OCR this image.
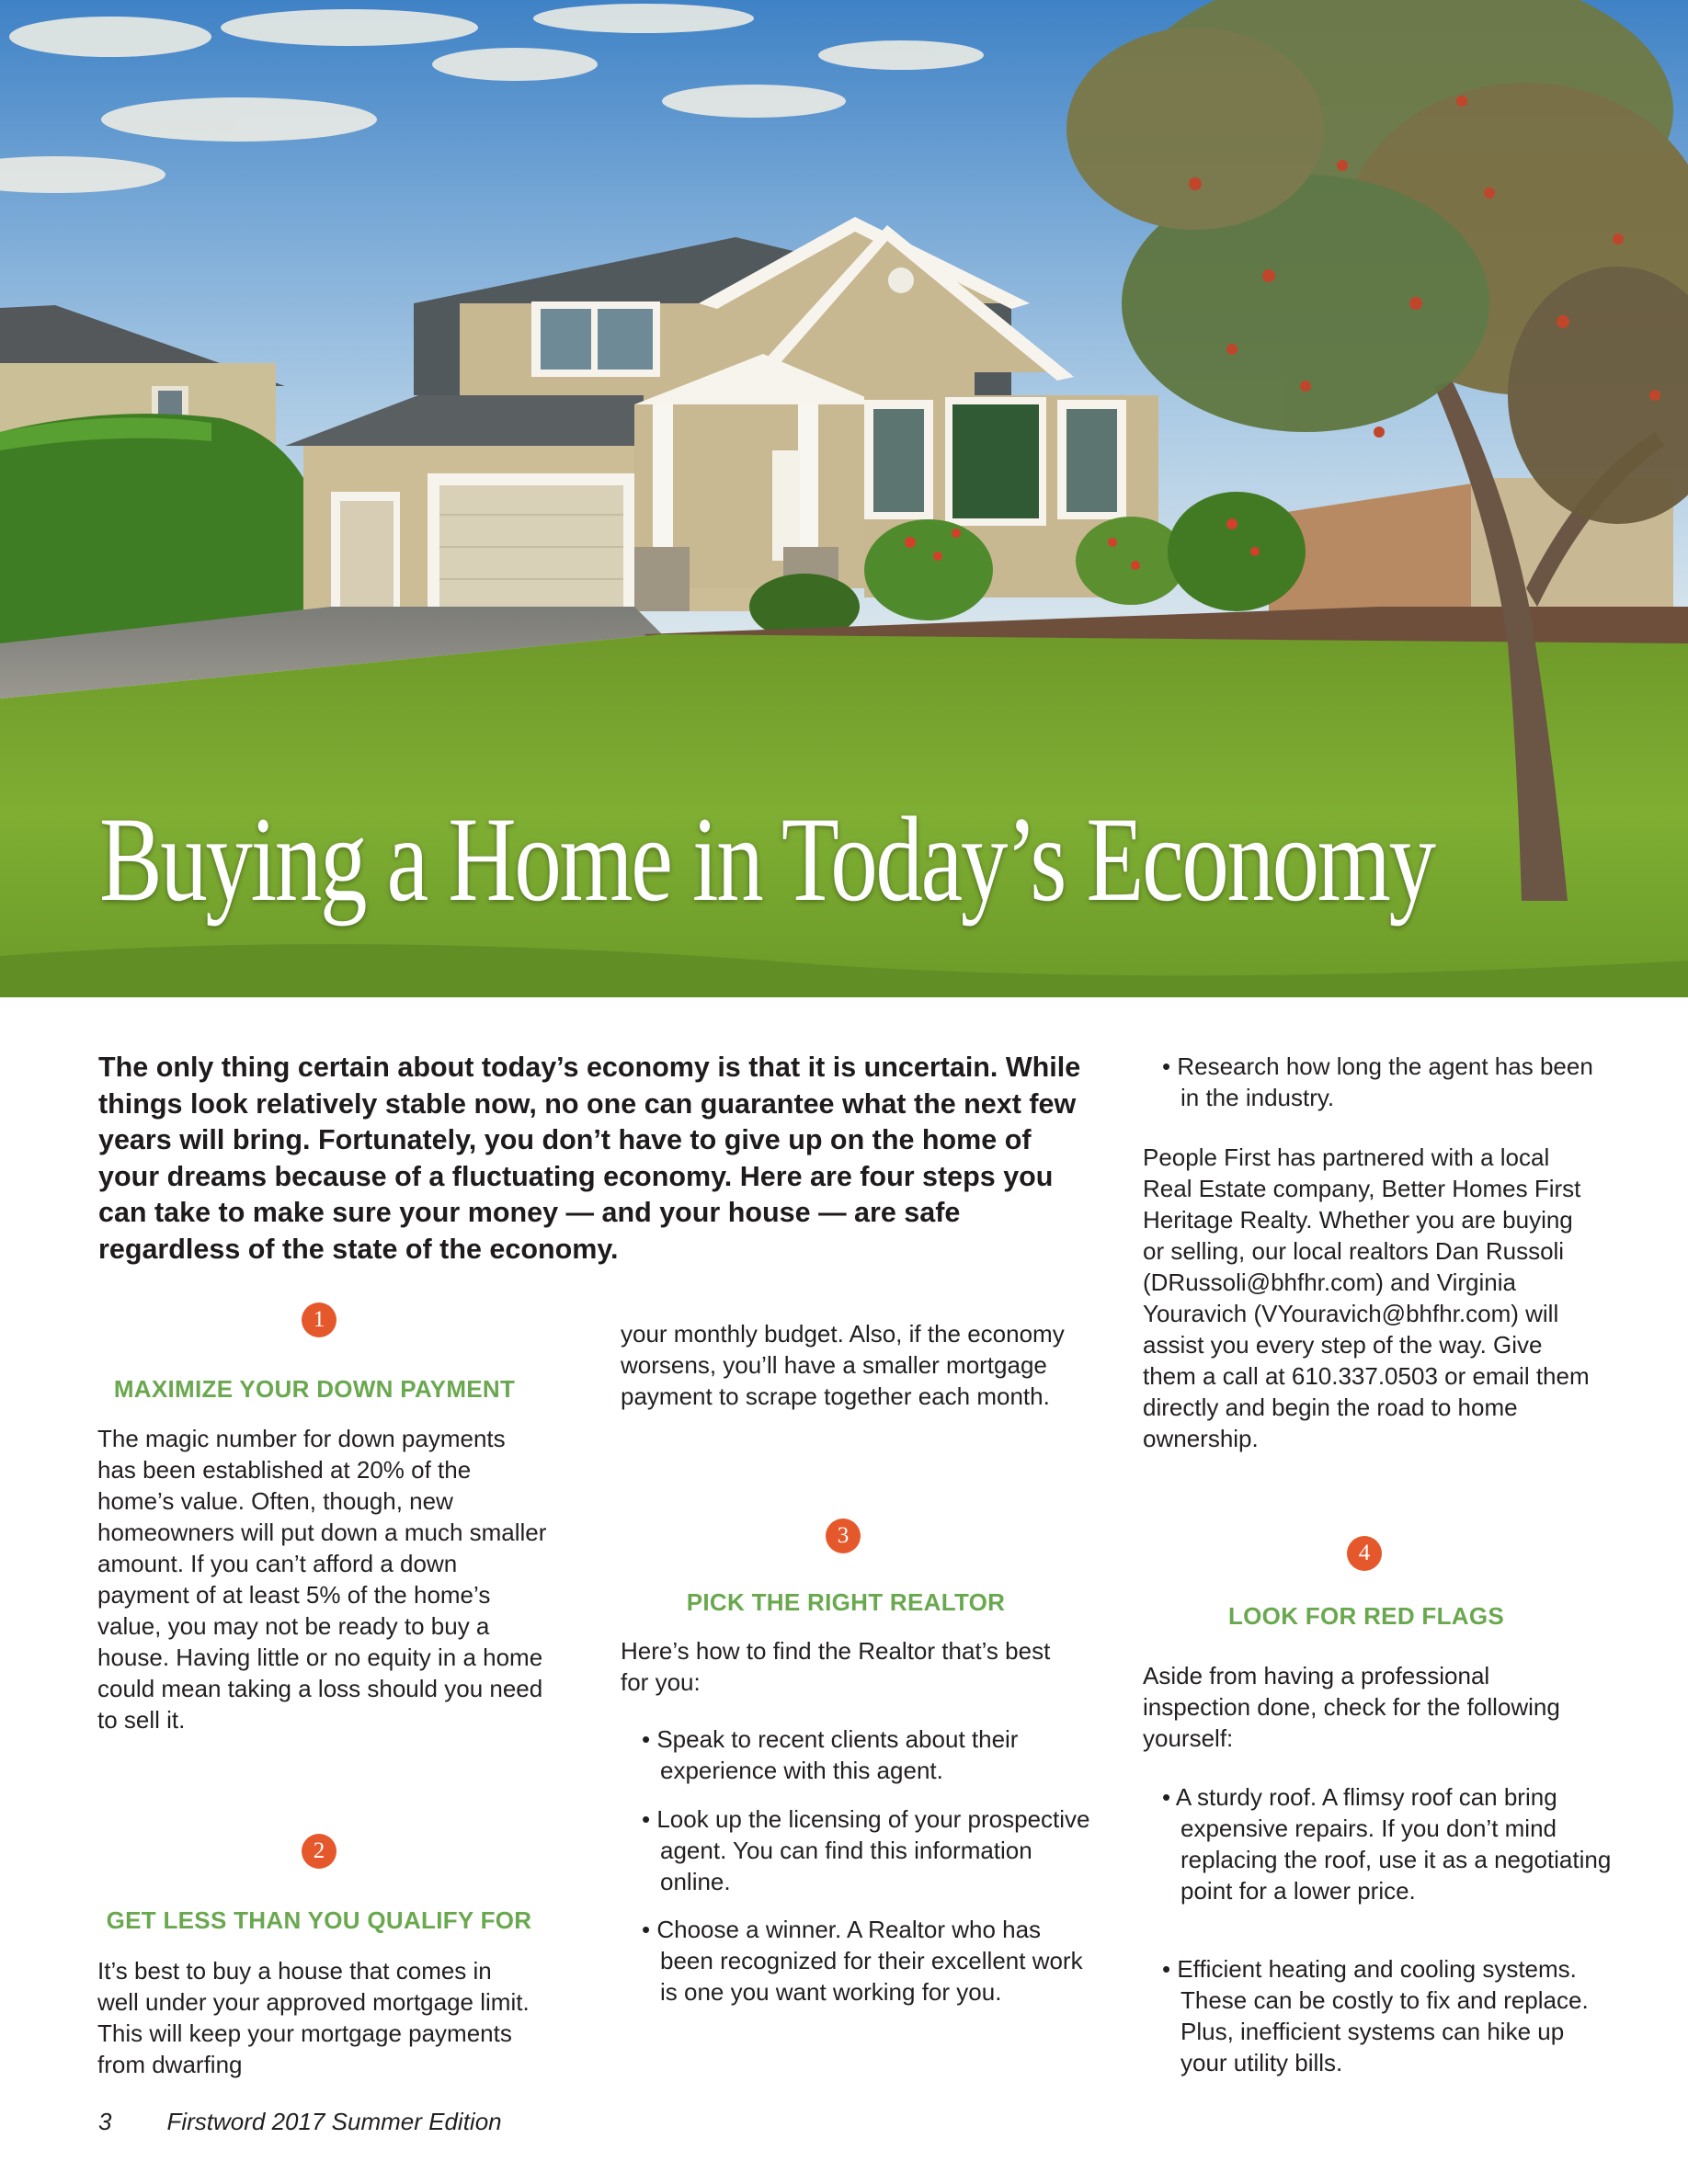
Buying a Home in Today’s Economy

The only thing certain about today’s economy is that it is uncertain. While things look relatively stable now, no one can guarantee what the next few years will bring. Fortunately, you don’t have to give up on the home of your dreams because of a fluctuating economy. Here are four steps you can take to make sure your money — and your house — are safe regardless of the state of the economy.

1
MAXIMIZE YOUR DOWN PAYMENT

The magic number for down payments has been established at 20% of the home’s value. Often, though, new homeowners will put down a much smaller amount. If you can’t afford a down payment of at least 5% of the home’s value, you may not be ready to buy a house. Having little or no equity in a home could mean taking a loss should you need to sell it.

2
GET LESS THAN YOU QUALIFY FOR

It’s best to buy a house that comes in well under your approved mortgage limit. This will keep your mortgage payments from dwarfing

your monthly budget. Also, if the economy worsens, you’ll have a smaller mortgage payment to scrape together each month.

3
PICK THE RIGHT REALTOR

Here’s how to find the Realtor that’s best for you:

• Speak to recent clients about their experience with this agent.

• Look up the licensing of your prospective agent. You can find this information online.

• Choose a winner. A Realtor who has been recognized for their excellent work is one you want working for you.

• Research how long the agent has been in the industry.

People First has partnered with a local Real Estate company, Better Homes First Heritage Realty. Whether you are buying or selling, our local realtors Dan Russoli (DRussoli@bhfhr.com) and Virginia Youravich (VYouravich@bhfhr.com) will assist you every step of the way. Give them a call at 610.337.0503 or email them directly and begin the road to home ownership.

4
LOOK FOR RED FLAGS

Aside from having a professional inspection done, check for the following yourself:

• A sturdy roof. A flimsy roof can bring expensive repairs. If you don’t mind replacing the roof, use it as a negotiating point for a lower price.

• Efficient heating and cooling systems. These can be costly to fix and replace. Plus, inefficient systems can hike up your utility bills.

3 Firstword 2017 Summer Edition
